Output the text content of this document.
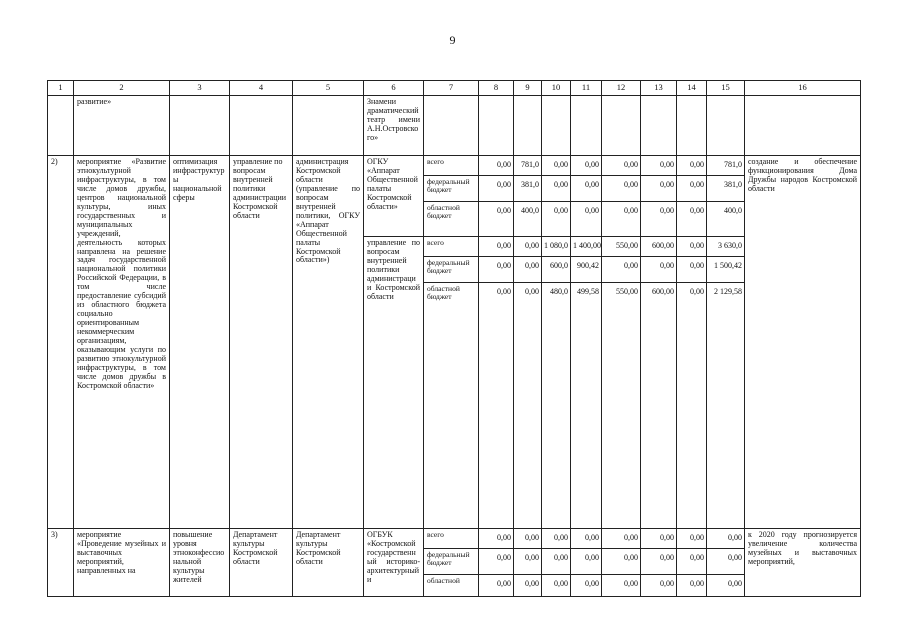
9
1	2	3	4	5	6	7	8	9	10	11	12	13	14	15	16
	развитие»				Знамени драматический театр имени А.Н.Островского»										
2)	мероприятие «Развитие этнокультурной инфраструктуры, в том числе домов дружбы, центров национальной культуры, иных государственных и муниципальных учреждений, деятельность которых направлена на решение задач государственной национальной политики Российской Федерации, в том числе предоставление субсидий из областного бюджета социально ориентированным некоммерческим организациям, оказывающим услуги по развитию этнокультурной инфраструктуры, в том числе домов дружбы в Костромской области»	оптимизация инфраструктуры национальной сферы	управление по вопросам внутренней политики администрации Костромской области	администрация Костромской области (управление по вопросам внутренней политики, ОГКУ «Аппарат Общественной палаты Костромской области»)	ОГКУ «Аппарат Общественной палаты Костромской области»	всего	0,00	781,0	0,00	0,00	0,00	0,00	0,00	781,0	создание и обеспечение функционирования Дома Дружбы народов Костромской области
						федеральный бюджет	0,00	381,0	0,00	0,00	0,00	0,00	0,00	381,0	
						областной бюджет	0,00	400,0	0,00	0,00	0,00	0,00	0,00	400,0	
					управление по вопросам внутренней политики администрации Костромской области	всего	0,00	0,00	1 080,0	1 400,00	550,00	600,00	0,00	3 630,0	
						федеральный бюджет	0,00	0,00	600,0	900,42	0,00	0,00	0,00	1 500,42	
						областной бюджет	0,00	0,00	480,0	499,58	550,00	600,00	0,00	2 129,58	
3)	мероприятие «Проведение музейных и выставочных мероприятий, направленных на	повышение уровня этноконфессиональной культуры жителей	Департамент культуры Костромской области	Департамент культуры Костромской области	ОГБУК «Костромской государственный историко-архитектурный и	всего	0,00	0,00	0,00	0,00	0,00	0,00	0,00	0,00	к 2020 году прогнозируется увеличение количества музейных и выставочных мероприятий,
						федеральный бюджет	0,00	0,00	0,00	0,00	0,00	0,00	0,00	0,00	
						областной	0,00	0,00	0,00	0,00	0,00	0,00	0,00	0,00	
